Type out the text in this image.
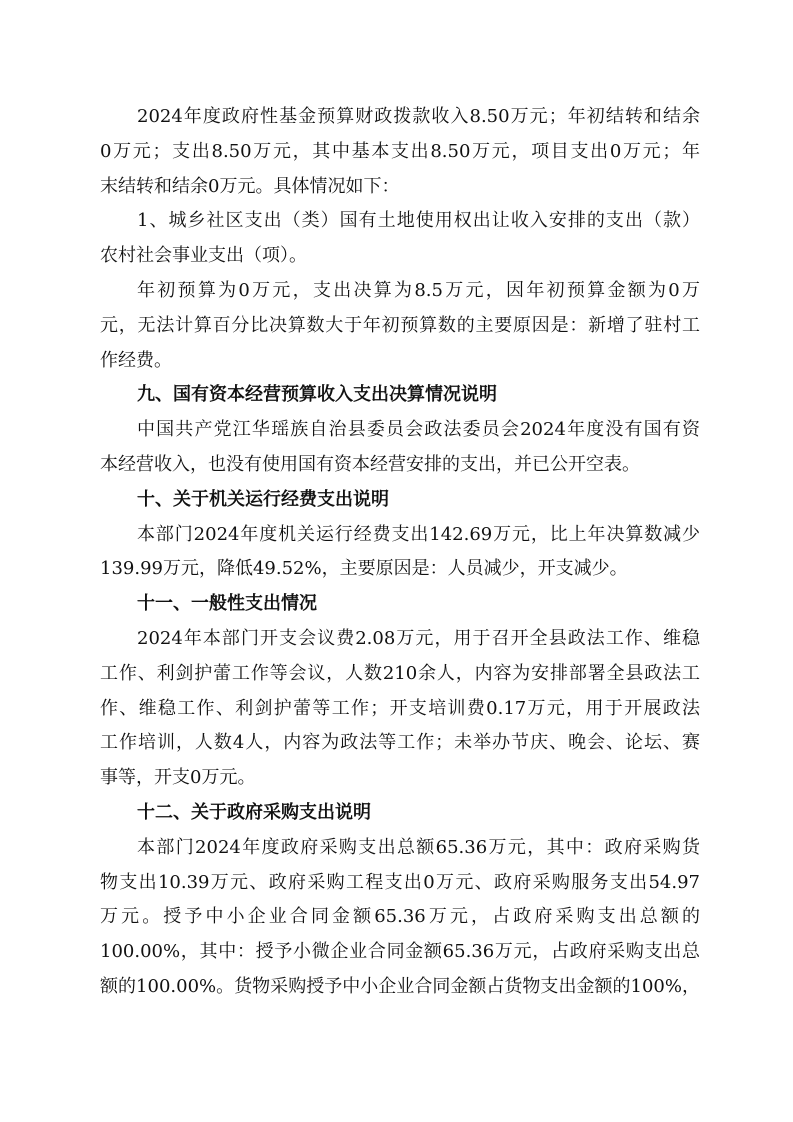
2024年度政府性基金预算财政拨款收入8.50万元；年初结转和结余
0万元；支出8.50万元，其中基本支出8.50万元，项目支出0万元；年
末结转和结余0万元。具体情况如下：
1、城乡社区支出（类）国有土地使用权出让收入安排的支出（款）
农村社会事业支出（项）。
年初预算为0万元，支出决算为8.5万元，因年初预算金额为0万
元，无法计算百分比决算数大于年初预算数的主要原因是：新增了驻村工
作经费。
九、国有资本经营预算收入支出决算情况说明
中国共产党江华瑶族自治县委员会政法委员会2024年度没有国有资
本经营收入，也没有使用国有资本经营安排的支出，并已公开空表。
十、关于机关运行经费支出说明
本部门2024年度机关运行经费支出142.69万元，比上年决算数减少
139.99万元，降低49.52%，主要原因是：人员减少，开支减少。
十一、一般性支出情况
2024年本部门开支会议费2.08万元，用于召开全县政法工作、维稳
工作、利剑护蕾工作等会议，人数210余人，内容为安排部署全县政法工
作、维稳工作、利剑护蕾等工作；开支培训费0.17万元，用于开展政法
工作培训，人数4人，内容为政法等工作；未举办节庆、晚会、论坛、赛
事等，开支0万元。
十二、关于政府采购支出说明
本部门2024年度政府采购支出总额65.36万元，其中：政府采购货
物支出10.39万元、政府采购工程支出0万元、政府采购服务支出54.97
万元。授予中小企业合同金额65.36万元，占政府采购支出总额的
100.00%，其中：授予小微企业合同金额65.36万元，占政府采购支出总
额的100.00%。货物采购授予中小企业合同金额占货物支出金额的100%，
